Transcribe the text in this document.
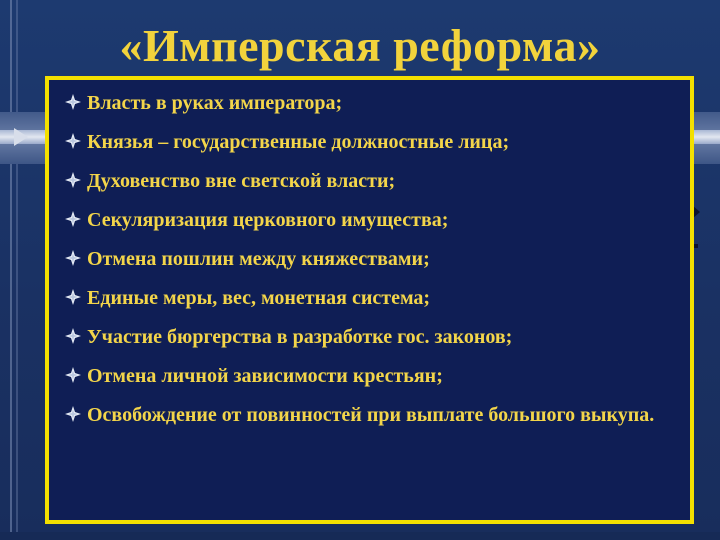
«Имперская реформа»
Власть в руках императора;
Князья – государственные должностные лица;
Духовенство вне светской власти;
Секуляризация церковного имущества;
Отмена пошлин между княжествами;
Единые меры, вес, монетная система;
Участие бюргерства в разработке гос. законов;
Отмена личной зависимости крестьян;
Освобождение от повинностей при выплате большого выкупа.
